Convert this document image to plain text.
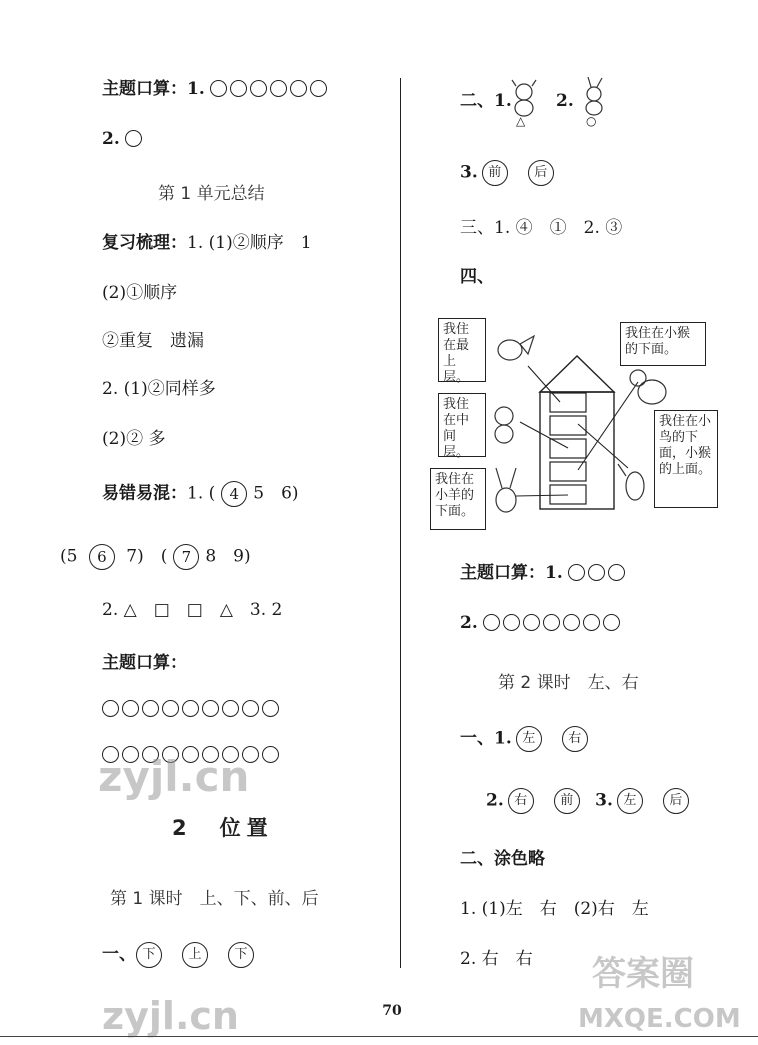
主题口算：1.
2.
第 1 单元总结
复习梳理：1. (1)②顺序　1
(2)①顺序
②重复　遗漏
2. (1)②同样多
(2)② 多
易错易混：1. ( 4 5　6)
(5 6 7)　( 7 8　9)
2. △　□　□　△　3. 2
主题口算：
2　位置
第 1 课时　上、下、前、后
一、 下	上	下
二、1.
△
2.
○
3. 前	后
三、1. ④　①　2. ③
四、
我住在最上层。
我住在中间层。
我住在小羊的下面。
我住在小猴的下面。
我住在小鸟的下面，小猴的上面。
主题口算：1.
2.
第 2 课时　左、右
一、1. 左	右
2. 右	前 3. 左	后
二、涂色略
1. (1)左　右　(2)右　左
2. 右　右
zyjl.cn
zyjl.cn
答案圈
MXQE.COM
70
